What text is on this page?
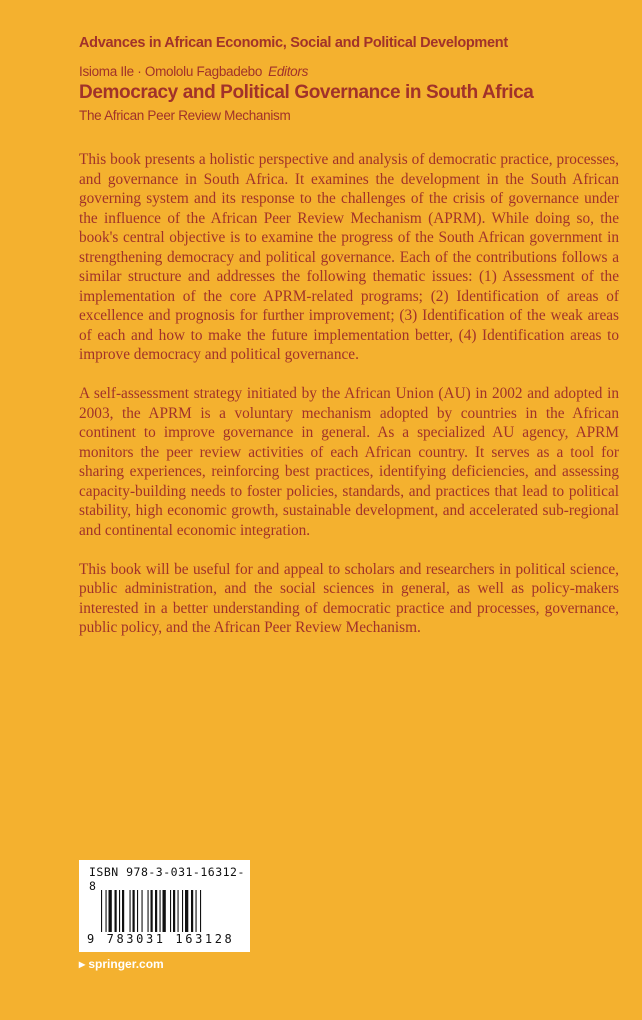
Advances in African Economic, Social and Political Development
Isioma Ile · Omololu Fagbadebo Editors
Democracy and Political Governance in South Africa
The African Peer Review Mechanism

This book presents a holistic perspective and analysis of democratic practice, processes, and governance in South Africa. It examines the development in the South African governing system and its response to the challenges of the crisis of governance under the influence of the African Peer Review Mechanism (APRM). While doing so, the book's central objective is to examine the progress of the South African government in strengthening democracy and political governance. Each of the contributions follows a similar structure and addresses the following thematic issues: (1) Assessment of the implementation of the core APRM-related programs; (2) Identification of areas of excellence and prognosis for further improvement; (3) Identification of the weak areas of each and how to make the future implementation better, (4) Identification areas to improve democracy and political governance.

A self-assessment strategy initiated by the African Union (AU) in 2002 and adopted in 2003, the APRM is a voluntary mechanism adopted by countries in the African continent to improve governance in general. As a specialized AU agency, APRM monitors the peer review activities of each African country. It serves as a tool for sharing experiences, reinforcing best practices, identifying deficiencies, and assessing capacity-building needs to foster policies, standards, and practices that lead to political stability, high economic growth, sustainable development, and accelerated sub-regional and continental economic integration.

This book will be useful for and appeal to scholars and researchers in political science, public administration, and the social sciences in general, as well as policy-makers interested in a better understanding of democratic practice and processes, governance, public policy, and the African Peer Review Mechanism.

ISBN 978-3-031-16312-8
9 783031 163128
▸ springer.com
